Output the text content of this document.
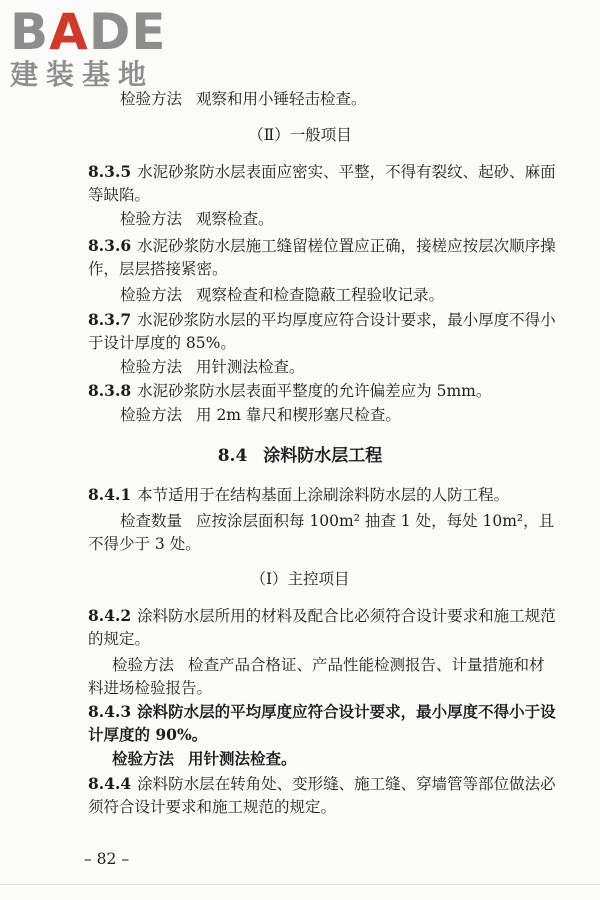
BADE
建装基地
检验方法 观察和用小锤轻击检查。
（Ⅱ）一般项目
8.3.5 水泥砂浆防水层表面应密实、平整，不得有裂纹、起砂、麻面等缺陷。
检验方法 观察检查。
8.3.6 水泥砂浆防水层施工缝留槎位置应正确，接槎应按层次顺序操作，层层搭接紧密。
检验方法 观察检查和检查隐蔽工程验收记录。
8.3.7 水泥砂浆防水层的平均厚度应符合设计要求，最小厚度不得小于设计厚度的 85%。
检验方法 用针测法检查。
8.3.8 水泥砂浆防水层表面平整度的允许偏差应为 5mm。
检验方法 用 2m 靠尺和楔形塞尺检查。
8.4 涂料防水层工程
8.4.1 本节适用于在结构基面上涂刷涂料防水层的人防工程。
检查数量 应按涂层面积每 100m² 抽查 1 处，每处 10m²，且不得少于 3 处。
（Ⅰ）主控项目
8.4.2 涂料防水层所用的材料及配合比必须符合设计要求和施工规范的规定。
检验方法 检查产品合格证、产品性能检测报告、计量措施和材料进场检验报告。
8.4.3 涂料防水层的平均厚度应符合设计要求，最小厚度不得小于设计厚度的 90%。
检验方法 用针测法检查。
8.4.4 涂料防水层在转角处、变形缝、施工缝、穿墙管等部位做法必须符合设计要求和施工规范的规定。
– 82 –
